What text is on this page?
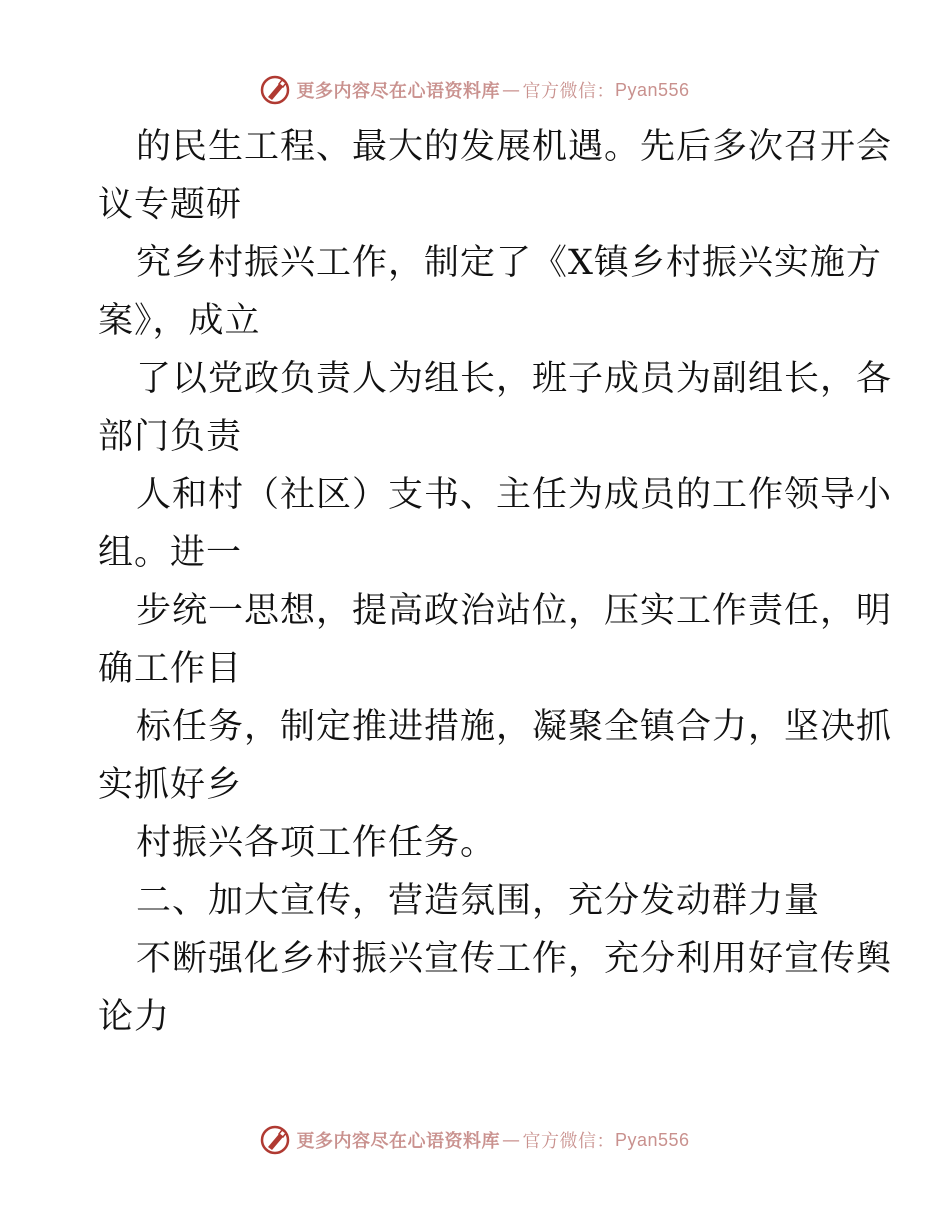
更多内容尽在心语资料库 — 官方微信： Pyan556
的民生工程、最大的发展机遇。先后多次召开会
议专题研
究乡村振兴工作，制定了《X镇乡村振兴实施方
案》，成立
了以党政负责人为组长，班子成员为副组长，各
部门负责
人和村（社区）支书、主任为成员的工作领导小
组。进一
步统一思想，提高政治站位，压实工作责任，明
确工作目
标任务，制定推进措施，凝聚全镇合力，坚决抓
实抓好乡
村振兴各项工作任务。
二、加大宣传，营造氛围，充分发动群力量
不断强化乡村振兴宣传工作，充分利用好宣传舆
论力
更多内容尽在心语资料库 — 官方微信： Pyan556
